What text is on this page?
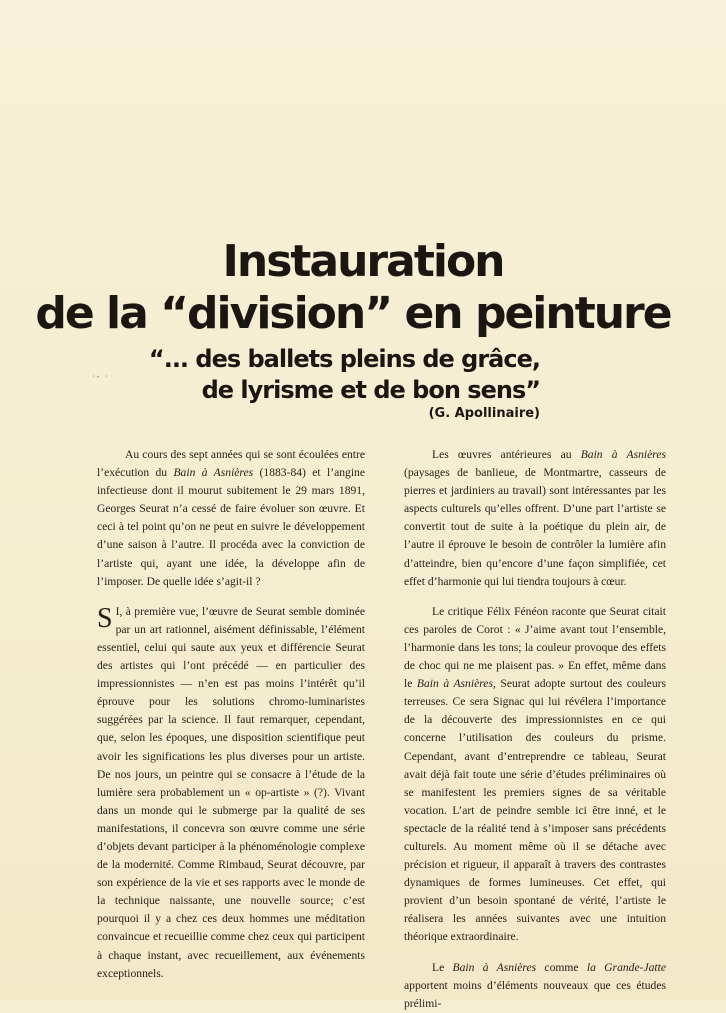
Instauration
de la “division” en peinture
·- ·
“... des ballets pleins de grâce,
de lyrisme et de bon sens”
(G. Apollinaire)

Au cours des sept années qui se sont écoulées entre l’exécution du Bain à Asnières (1883-84) et l’angine infectieuse dont il mourut subitement le 29 mars 1891, Georges Seurat n’a cessé de faire évoluer son œuvre. Et ceci à tel point qu’on ne peut en suivre le développement d’une saison à l’autre. Il procéda avec la conviction de l’artiste qui, ayant une idée, la développe afin de l’imposer. De quelle idée s’agit-il ?

S I, à première vue, l’œuvre de Seurat semble dominée par un art rationnel, aisément définissable, l’élément essentiel, celui qui saute aux yeux et différencie Seurat des artistes qui l’ont précédé — en particulier des impressionnistes — n’en est pas moins l’intérêt qu’il éprouve pour les solutions chromo-luminaristes suggérées par la science. Il faut remarquer, cependant, que, selon les époques, une disposition scientifique peut avoir les significations les plus diverses pour un artiste. De nos jours, un peintre qui se consacre à l’étude de la lumière sera probablement un « op-artiste » (?). Vivant dans un monde qui le submerge par la qualité de ses manifestations, il concevra son œuvre comme une série d’objets devant participer à la phénoménologie complexe de la modernité. Comme Rimbaud, Seurat découvre, par son expérience de la vie et ses rapports avec le monde de la technique naissante, une nouvelle source; c’est pourquoi il y a chez ces deux hommes une méditation convaincue et recueillie comme chez ceux qui participent à chaque instant, avec recueillement, aux événements exceptionnels.

Les œuvres antérieures au Bain à Asnières (paysages de banlieue, de Montmartre, casseurs de pierres et jardiniers au travail) sont intéressantes par les aspects culturels qu’elles offrent. D’une part l’artiste se convertit tout de suite à la poétique du plein air, de l’autre il éprouve le besoin de contrôler la lumière afin d’atteindre, bien qu’encore d’une façon simplifiée, cet effet d’harmonie qui lui tiendra toujours à cœur.

Le critique Félix Fénéon raconte que Seurat citait ces paroles de Corot : « J’aime avant tout l’ensemble, l’harmonie dans les tons; la couleur provoque des effets de choc qui ne me plaisent pas. » En effet, même dans le Bain à Asnières, Seurat adopte surtout des couleurs terreuses. Ce sera Signac qui lui révélera l’importance de la découverte des impressionnistes en ce qui concerne l’utilisation des couleurs du prisme. Cependant, avant d’entreprendre ce tableau, Seurat avait déjà fait toute une série d’études préliminaires où se manifestent les premiers signes de sa véritable vocation. L’art de peindre semble ici être inné, et le spectacle de la réalité tend à s’imposer sans précédents culturels. Au moment même où il se détache avec précision et rigueur, il apparaît à travers des contrastes dynamiques de formes lumineuses. Cet effet, qui provient d’un besoin spontané de vérité, l’artiste le réalisera les années suivantes avec une intuition théorique extraordinaire.

Le Bain à Asnières comme la Grande-Jatte apportent moins d’éléments nouveaux que ces études prélimi-
